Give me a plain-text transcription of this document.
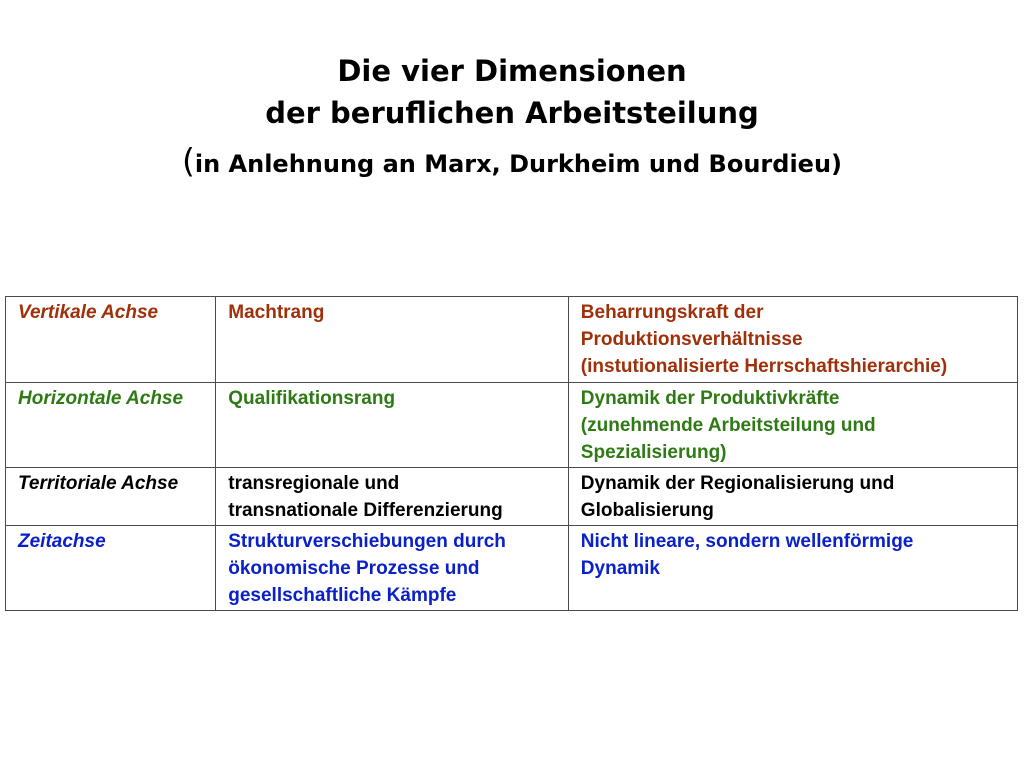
Die vier Dimensionen
der beruflichen Arbeitsteilung
(in Anlehnung an Marx, Durkheim und Bourdieu)
Vertikale Achse	Machtrang	Beharrungskraft der
Produktionsverhältnisse
(instutionalisierte Herrschaftshierarchie)

Horizontale Achse	Qualifikationsrang	Dynamik der Produktivkräfte
(zunehmende Arbeitsteilung und
Spezialisierung)

Territoriale Achse	transregionale und
transnationale Differenzierung	Dynamik der Regionalisierung und
Globalisierung

Zeitachse	Strukturverschiebungen durch
ökonomische Prozesse und
gesellschaftliche Kämpfe	Nicht lineare, sondern wellenförmige
Dynamik
